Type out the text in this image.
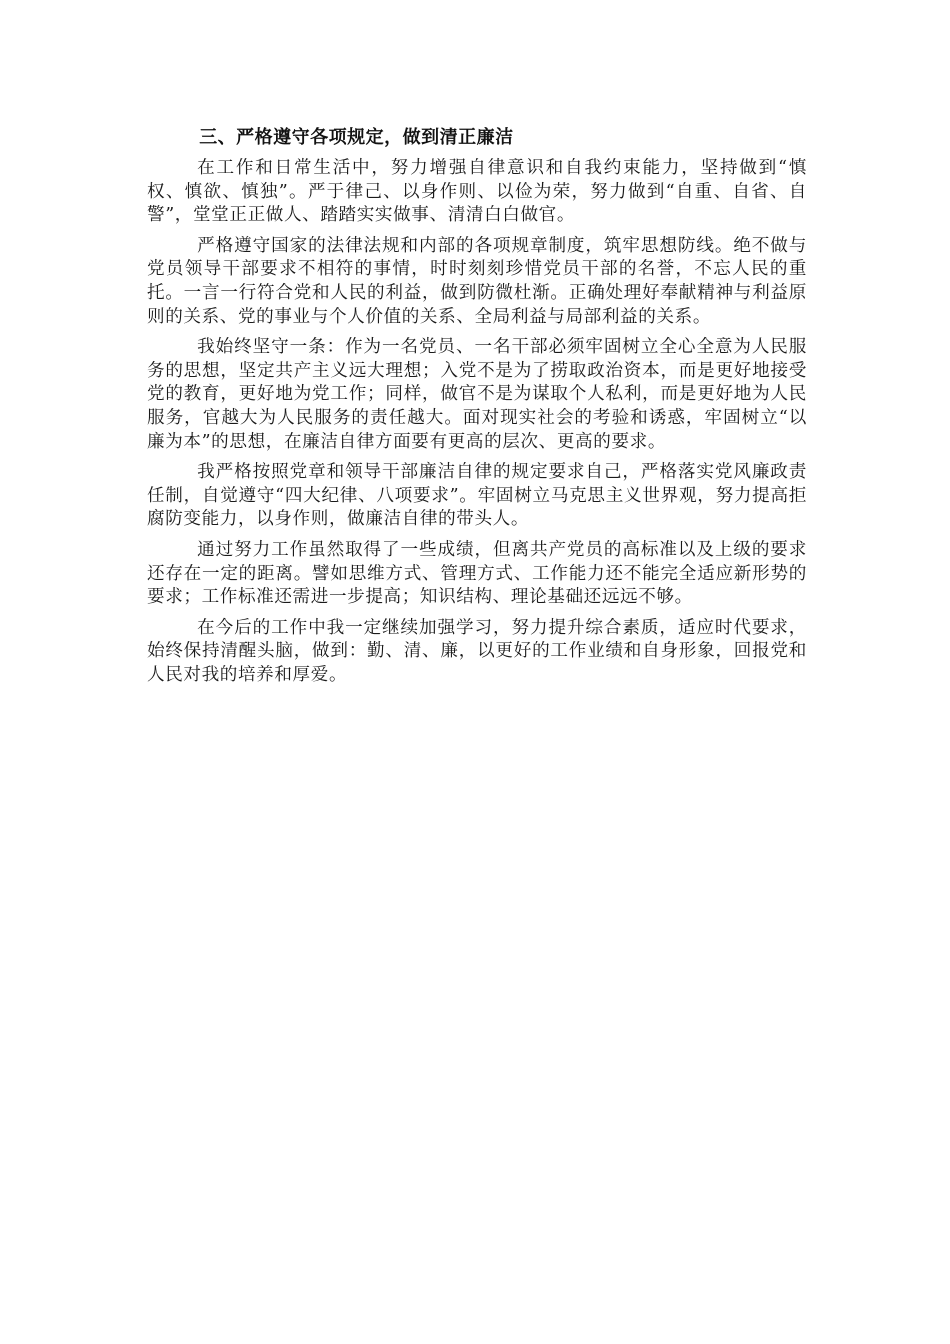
三、严格遵守各项规定，做到清正廉洁

在工作和日常生活中，努力增强自律意识和自我约束能力，坚持做到“慎权、慎欲、慎独”。严于律己、以身作则、以俭为荣，努力做到“自重、自省、自警”，堂堂正正做人、踏踏实实做事、清清白白做官。

严格遵守国家的法律法规和内部的各项规章制度，筑牢思想防线。绝不做与党员领导干部要求不相符的事情，时时刻刻珍惜党员干部的名誉，不忘人民的重托。一言一行符合党和人民的利益，做到防微杜渐。正确处理好奉献精神与利益原则的关系、党的事业与个人价值的关系、全局利益与局部利益的关系。

我始终坚守一条：作为一名党员、一名干部必须牢固树立全心全意为人民服务的思想，坚定共产主义远大理想；入党不是为了捞取政治资本，而是更好地接受党的教育，更好地为党工作；同样，做官不是为谋取个人私利，而是更好地为人民服务，官越大为人民服务的责任越大。面对现实社会的考验和诱惑，牢固树立“以廉为本”的思想，在廉洁自律方面要有更高的层次、更高的要求。

我严格按照党章和领导干部廉洁自律的规定要求自己，严格落实党风廉政责任制，自觉遵守“四大纪律、八项要求”。牢固树立马克思主义世界观，努力提高拒腐防变能力，以身作则，做廉洁自律的带头人。

通过努力工作虽然取得了一些成绩，但离共产党员的高标准以及上级的要求还存在一定的距离。譬如思维方式、管理方式、工作能力还不能完全适应新形势的要求；工作标准还需进一步提高；知识结构、理论基础还远远不够。

在今后的工作中我一定继续加强学习，努力提升综合素质，适应时代要求，始终保持清醒头脑，做到：勤、清、廉，以更好的工作业绩和自身形象，回报党和人民对我的培养和厚爱。
